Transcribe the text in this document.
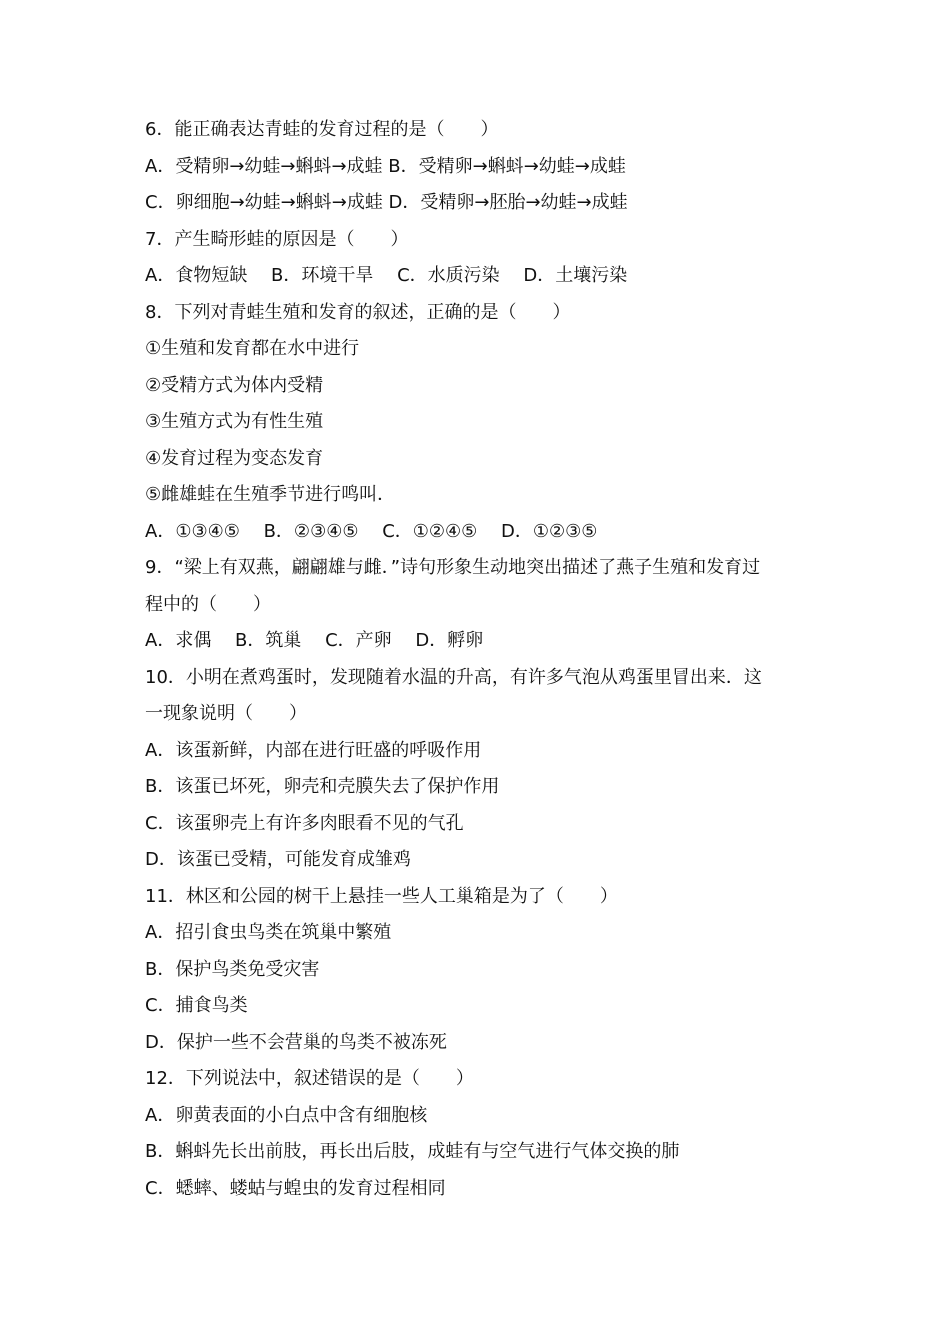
6．能正确表达青蛙的发育过程的是（　　）
A．受精卵→幼蛙→蝌蚪→成蛙 B．受精卵→蝌蚪→幼蛙→成蛙
C．卵细胞→幼蛙→蝌蚪→成蛙 D．受精卵→胚胎→幼蛙→成蛙
7．产生畸形蛙的原因是（　　）
A．食物短缺　 B．环境干旱　 C．水质污染　 D．土壤污染
8．下列对青蛙生殖和发育的叙述，正确的是（　　）
①生殖和发育都在水中进行
②受精方式为体内受精
③生殖方式为有性生殖
④发育过程为变态发育
⑤雌雄蛙在生殖季节进行鸣叫．
A．①③④⑤　 B．②③④⑤　 C．①②④⑤　 D．①②③⑤
9．“梁上有双燕，翩翩雄与雌．”诗句形象生动地突出描述了燕子生殖和发育过
程中的（　　）
A．求偶　 B．筑巢　 C．产卵　 D．孵卵
10．小明在煮鸡蛋时，发现随着水温的升高，有许多气泡从鸡蛋里冒出来．这
一现象说明（　　）
A．该蛋新鲜，内部在进行旺盛的呼吸作用
B．该蛋已坏死，卵壳和壳膜失去了保护作用
C．该蛋卵壳上有许多肉眼看不见的气孔
D．该蛋已受精，可能发育成雏鸡
11．林区和公园的树干上悬挂一些人工巢箱是为了（　　）
A．招引食虫鸟类在筑巢中繁殖
B．保护鸟类免受灾害
C．捕食鸟类
D．保护一些不会营巢的鸟类不被冻死
12．下列说法中，叙述错误的是（　　）
A．卵黄表面的小白点中含有细胞核
B．蝌蚪先长出前肢，再长出后肢，成蛙有与空气进行气体交换的肺
C．蟋蟀、蝼蛄与蝗虫的发育过程相同
